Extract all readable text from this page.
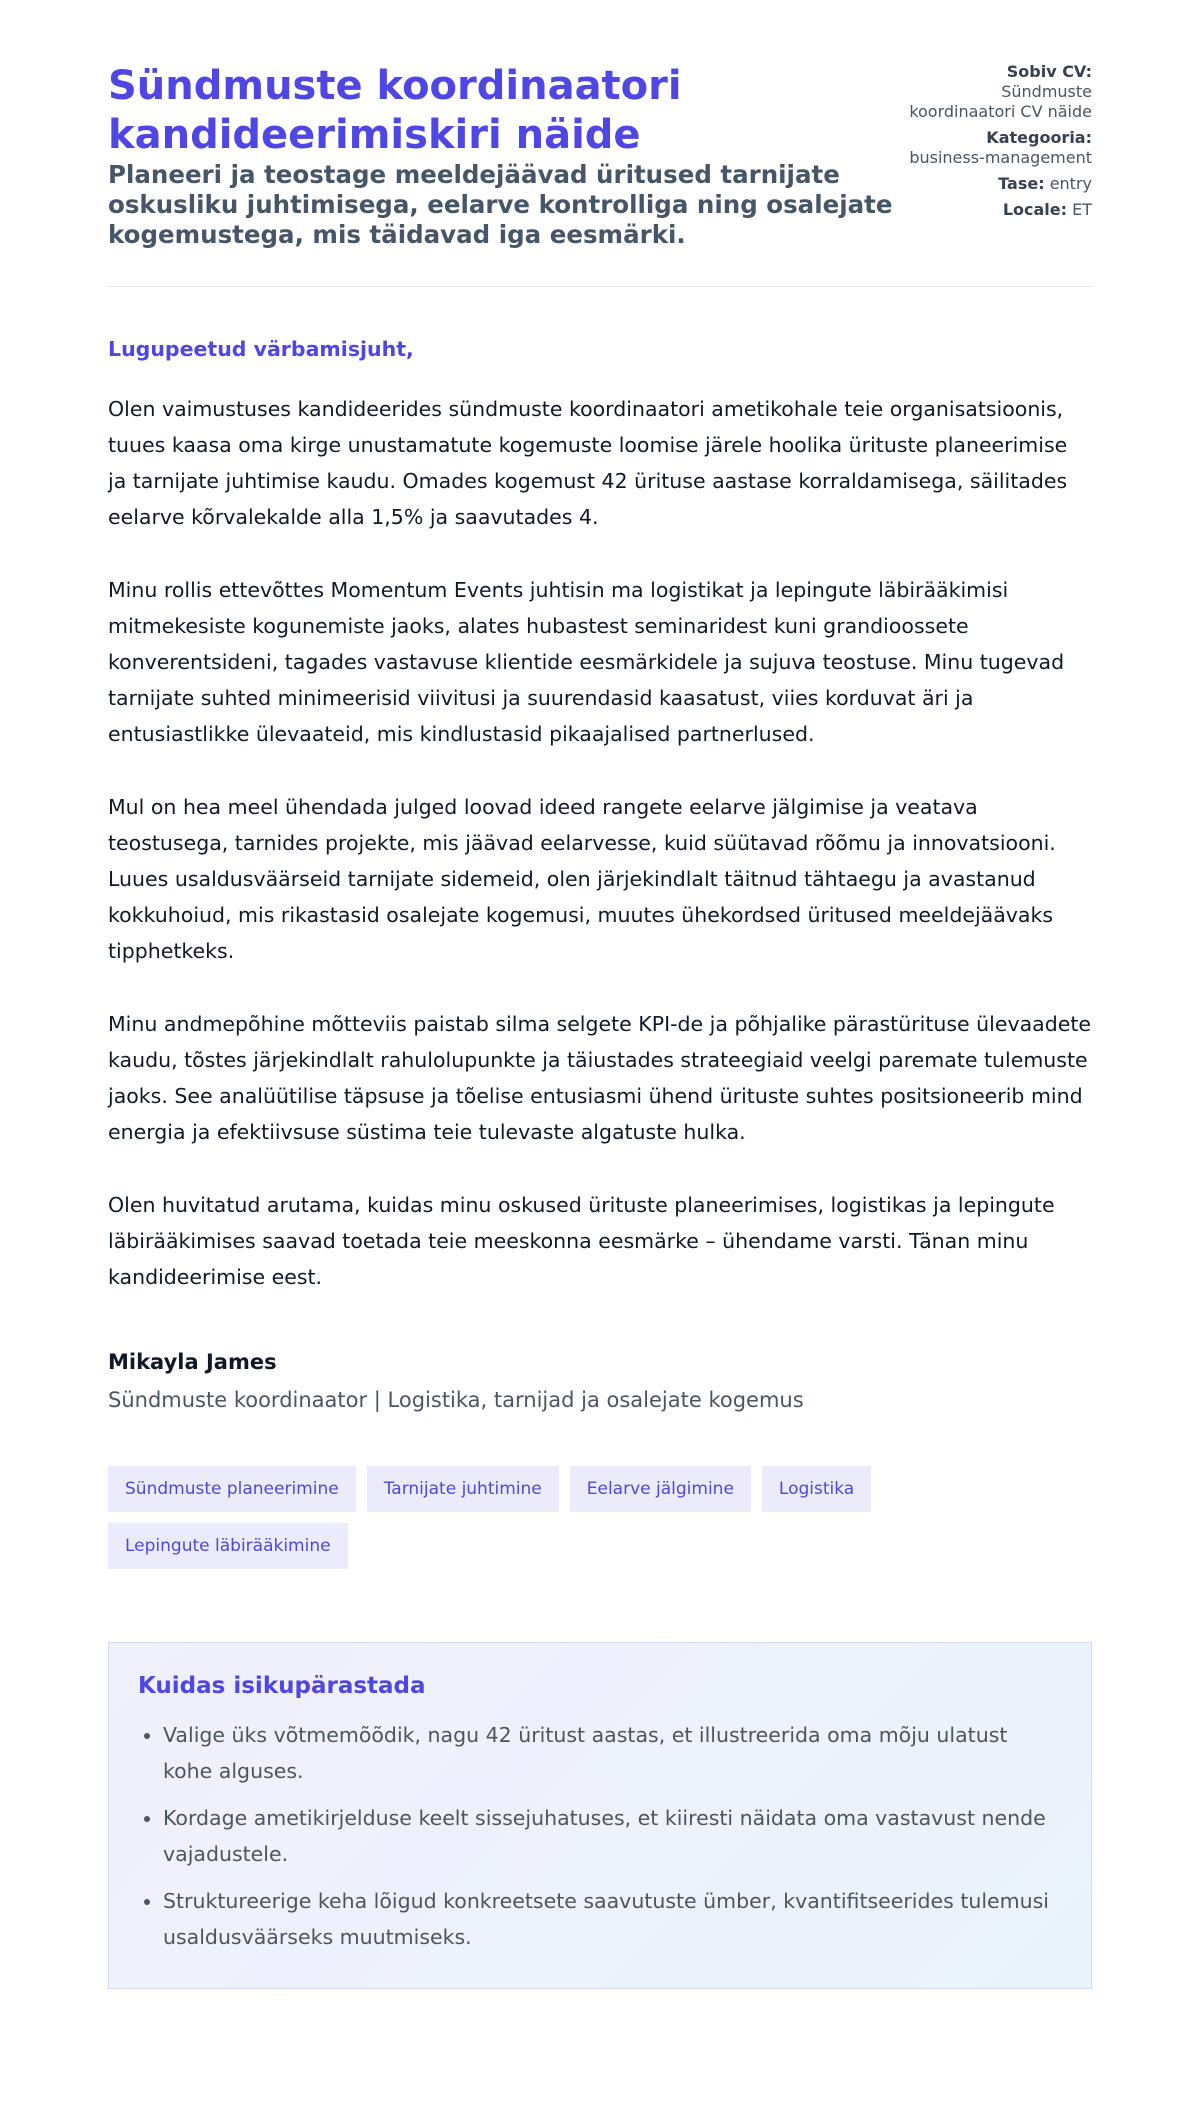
Sündmuste koordinaatori kandideerimiskiri näide
Planeeri ja teostage meeldejäävad üritused tarnijate oskusliku juhtimisega, eelarve kontrolliga ning osalejate kogemustega, mis täidavad iga eesmärki.
Sobiv CV:
Sündmuste koordinaatori CV näide
Kategooria:
business-management
Tase: entry
Locale: ET
Lugupeetud värbamisjuht,

Olen vaimustuses kandideerides sündmuste koordinaatori ametikohale teie organisatsioonis, tuues kaasa oma kirge unustamatute kogemuste loomise järele hoolika ürituste planeerimise ja tarnijate juhtimise kaudu. Omades kogemust 42 ürituse aastase korraldamisega, säilitades eelarve kõrvalekalde alla 1,5% ja saavutades 4.

Minu rollis ettevõttes Momentum Events juhtisin ma logistikat ja lepingute läbirääkimisi mitmekesiste kogunemiste jaoks, alates hubastest seminaridest kuni grandioossete konverentsideni, tagades vastavuse klientide eesmärkidele ja sujuva teostuse. Minu tugevad tarnijate suhted minimeerisid viivitusi ja suurendasid kaasatust, viies korduvat äri ja entusiastlikke ülevaateid, mis kindlustasid pikaajalised partnerlused.

Mul on hea meel ühendada julged loovad ideed rangete eelarve jälgimise ja veatava teostusega, tarnides projekte, mis jäävad eelarvesse, kuid süütavad rõõmu ja innovatsiooni. Luues usaldusväärseid tarnijate sidemeid, olen järjekindlalt täitnud tähtaegu ja avastanud kokkuhoiud, mis rikastasid osalejate kogemusi, muutes ühekordsed üritused meeldejäävaks tipphetkeks.

Minu andmepõhine mõtteviis paistab silma selgete KPI-de ja põhjalike pärastürituse ülevaadete kaudu, tõstes järjekindlalt rahulolupunkte ja täiustades strateegiaid veelgi paremate tulemuste jaoks. See analüütilise täpsuse ja tõelise entusiasmi ühend ürituste suhtes positsioneerib mind energia ja efektiivsuse süstima teie tulevaste algatuste hulka.

Olen huvitatud arutama, kuidas minu oskused ürituste planeerimises, logistikas ja lepingute läbirääkimises saavad toetada teie meeskonna eesmärke – ühendame varsti. Tänan minu kandideerimise eest.

Mikayla James
Sündmuste koordinaator | Logistika, tarnijad ja osalejate kogemus
Sündmuste planeerimine	Tarnijate juhtimine	Eelarve jälgimine	Logistika
Lepingute läbirääkimine
Kuidas isikupärastada
• Valige üks võtmemõõdik, nagu 42 üritust aastas, et illustreerida oma mõju ulatust kohe alguses.
• Kordage ametikirjelduse keelt sissejuhatuses, et kiiresti näidata oma vastavust nende vajadustele.
• Struktureerige keha lõigud konkreetsete saavutuste ümber, kvantifitseerides tulemusi usaldusväärseks muutmiseks.
